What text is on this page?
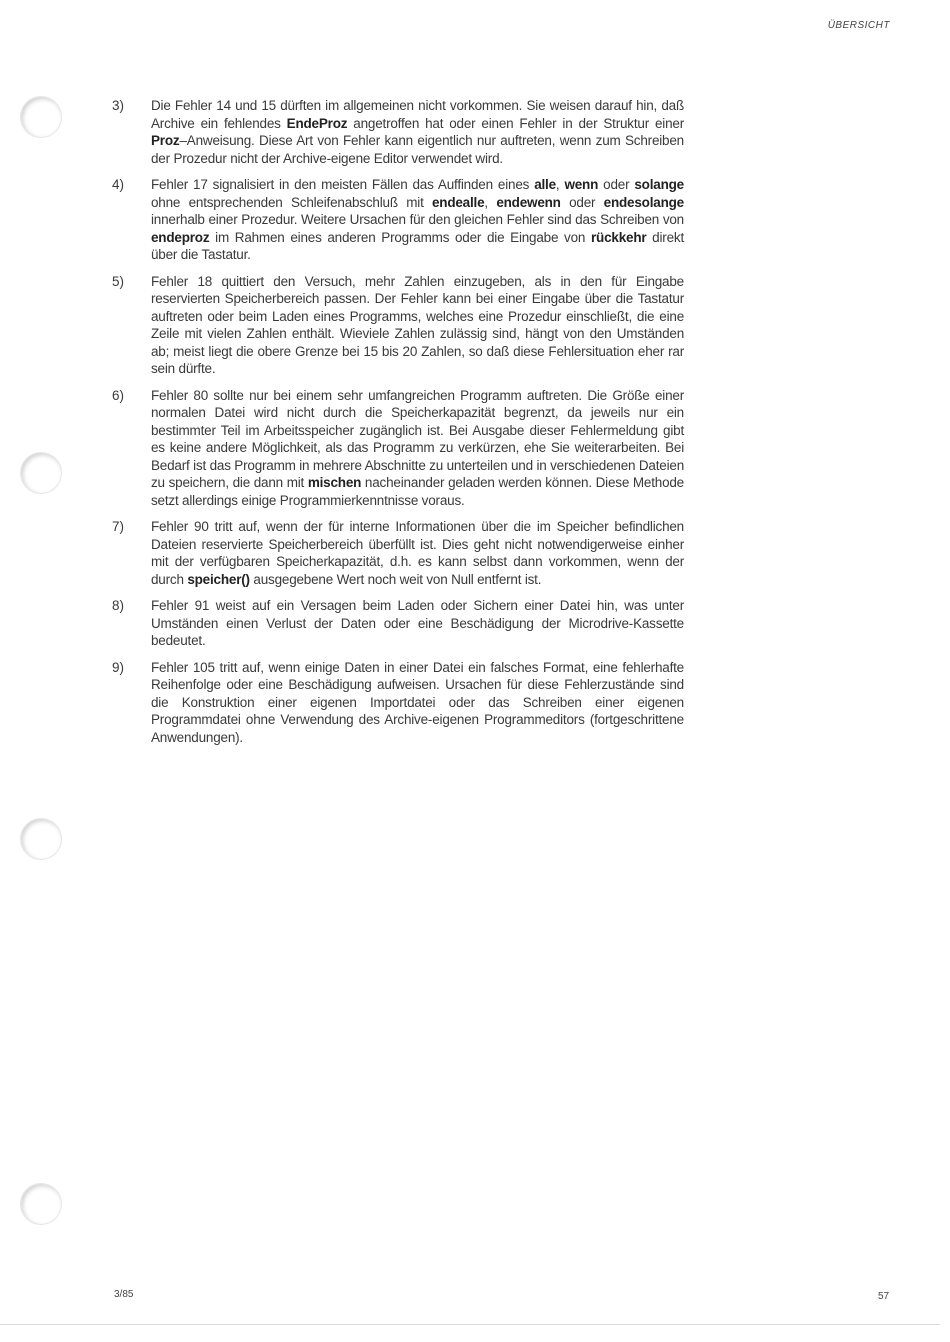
ÜBERSICHT
3)	Die Fehler 14 und 15 dürften im allgemeinen nicht vorkommen. Sie weisen darauf hin, daß Archive ein fehlendes EndeProz angetroffen hat oder einen Fehler in der Struktur einer Proz–Anweisung. Diese Art von Fehler kann eigentlich nur auftreten, wenn zum Schreiben der Prozedur nicht der Archive-eigene Editor verwendet wird.
4)	Fehler 17 signalisiert in den meisten Fällen das Auffinden eines alle, wenn oder solange ohne entsprechenden Schleifenabschluß mit endealle, endewenn oder endesolange innerhalb einer Prozedur. Weitere Ursachen für den gleichen Fehler sind das Schreiben von endeproz im Rahmen eines anderen Programms oder die Eingabe von rückkehr direkt über die Tastatur.
5)	Fehler 18 quittiert den Versuch, mehr Zahlen einzugeben, als in den für Eingabe reservierten Speicherbereich passen. Der Fehler kann bei einer Eingabe über die Tastatur auftreten oder beim Laden eines Programms, welches eine Prozedur einschließt, die eine Zeile mit vielen Zahlen enthält. Wieviele Zahlen zulässig sind, hängt von den Umständen ab; meist liegt die obere Grenze bei 15 bis 20 Zahlen, so daß diese Fehlersituation eher rar sein dürfte.
6)	Fehler 80 sollte nur bei einem sehr umfangreichen Programm auftreten. Die Größe einer normalen Datei wird nicht durch die Speicherkapazität begrenzt, da jeweils nur ein bestimmter Teil im Arbeitsspeicher zugänglich ist. Bei Ausgabe dieser Fehlermeldung gibt es keine andere Möglichkeit, als das Programm zu verkürzen, ehe Sie weiterarbeiten. Bei Bedarf ist das Programm in mehrere Abschnitte zu unterteilen und in verschiedenen Dateien zu speichern, die dann mit mischen nacheinander geladen werden können. Diese Methode setzt allerdings einige Programmierkenntnisse voraus.
7)	Fehler 90 tritt auf, wenn der für interne Informationen über die im Speicher befindlichen Dateien reservierte Speicherbereich überfüllt ist. Dies geht nicht notwendigerweise einher mit der verfügbaren Speicherkapazität, d.h. es kann selbst dann vorkommen, wenn der durch speicher() ausgegebene Wert noch weit von Null entfernt ist.
8)	Fehler 91 weist auf ein Versagen beim Laden oder Sichern einer Datei hin, was unter Umständen einen Verlust der Daten oder eine Beschädigung der Microdrive-Kassette bedeutet.
9)	Fehler 105 tritt auf, wenn einige Daten in einer Datei ein falsches Format, eine fehlerhafte Reihenfolge oder eine Beschädigung aufweisen. Ursachen für diese Fehlerzustände sind die Konstruktion einer eigenen Importdatei oder das Schreiben einer eigenen Programmdatei ohne Verwendung des Archive-eigenen Programmeditors (fortgeschrittene Anwendungen).
3/85	57
